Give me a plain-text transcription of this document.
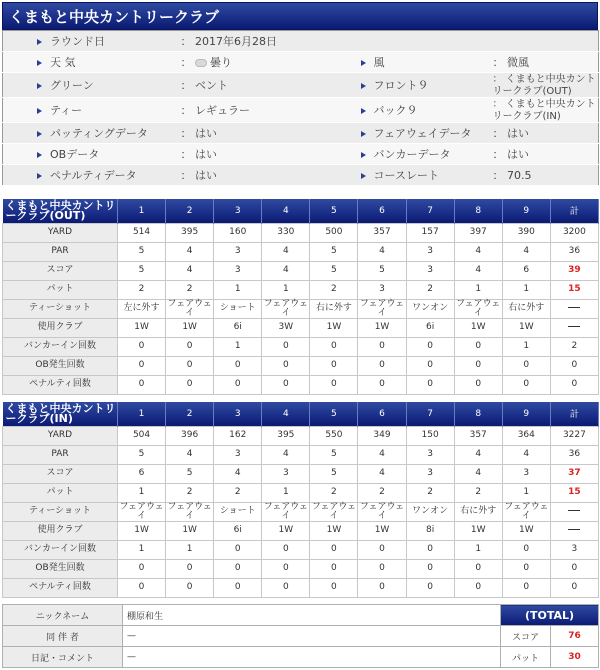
くまもと中央カントリークラブ
ラウンド日	： 2017年6月28日		
天 気	： 曇り	風	： 微風
グリーン	： ベント	フロント９	： くまもと中央カントリークラブ(OUT)
ティー	： レギュラー	バック９	： くまもと中央カントリークラブ(IN)
パッティングデータ	： はい	フェアウェイデータ	： はい
OBデータ	： はい	バンカーデータ	： はい
ペナルティデータ	： はい	コースレート	： 70.5
くまもと中央カントリークラブ(OUT)	1	2	3	4	5	6	7	8	9	計
YARD	514	395	160	330	500	357	157	397	390	3200
PAR	5	4	3	4	5	4	3	4	4	36
スコア	5	4	3	4	5	5	3	4	6	39
パット	2	2	1	1	2	3	2	1	1	15
ティーショット	左に外す	フェアウェイ	ショート	フェアウェイ	右に外す	フェアウェイ	ワンオン	フェアウェイ	右に外す	
使用クラブ	1W	1W	6i	3W	1W	1W	6i	1W	1W	
バンカーイン回数	0	0	1	0	0	0	0	0	1	2
OB発生回数	0	0	0	0	0	0	0	0	0	0
ペナルティ回数	0	0	0	0	0	0	0	0	0	0
くまもと中央カントリークラブ(IN)	1	2	3	4	5	6	7	8	9	計
YARD	504	396	162	395	550	349	150	357	364	3227
PAR	5	4	3	4	5	4	3	4	4	36
スコア	6	5	4	3	5	4	3	4	3	37
パット	1	2	2	1	2	2	2	2	1	15
ティーショット	フェアウェイ	フェアウェイ	ショート	フェアウェイ	フェアウェイ	フェアウェイ	ワンオン	右に外す	フェアウェイ	
使用クラブ	1W	1W	6i	1W	1W	1W	8i	1W	1W	
バンカーイン回数	1	1	0	0	0	0	0	1	0	3
OB発生回数	0	0	0	0	0	0	0	0	0	0
ペナルティ回数	0	0	0	0	0	0	0	0	0	0
ニックネーム	棚原和生	(TOTAL)	
同 伴 者	—	スコア	76
日記・コメント	—	パット	30
